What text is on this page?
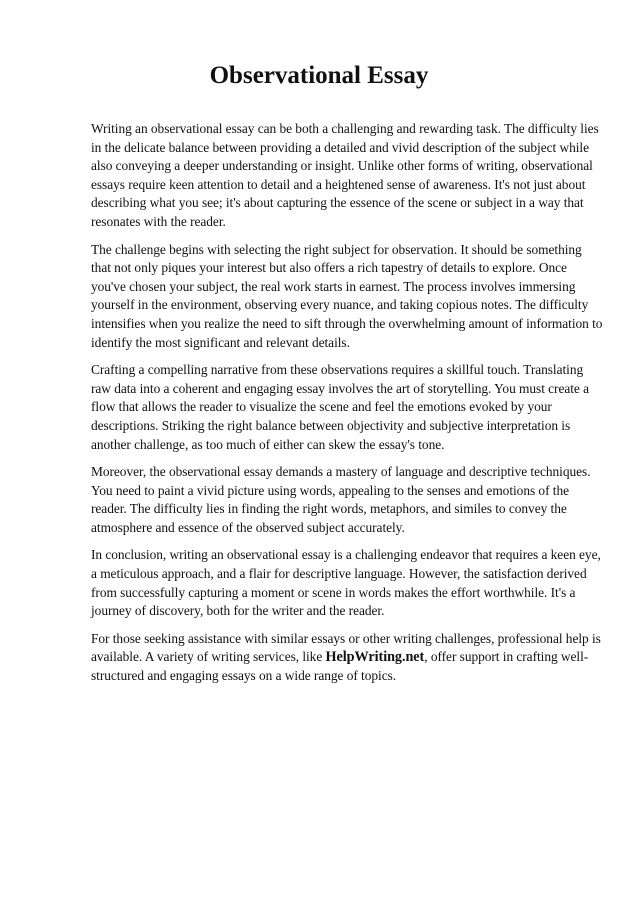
Observational Essay

Writing an observational essay can be both a challenging and rewarding task. The difficulty lies in the delicate balance between providing a detailed and vivid description of the subject while also conveying a deeper understanding or insight. Unlike other forms of writing, observational essays require keen attention to detail and a heightened sense of awareness. It's not just about describing what you see; it's about capturing the essence of the scene or subject in a way that resonates with the reader.

The challenge begins with selecting the right subject for observation. It should be something that not only piques your interest but also offers a rich tapestry of details to explore. Once you've chosen your subject, the real work starts in earnest. The process involves immersing yourself in the environment, observing every nuance, and taking copious notes. The difficulty intensifies when you realize the need to sift through the overwhelming amount of information to identify the most significant and relevant details.

Crafting a compelling narrative from these observations requires a skillful touch. Translating raw data into a coherent and engaging essay involves the art of storytelling. You must create a flow that allows the reader to visualize the scene and feel the emotions evoked by your descriptions. Striking the right balance between objectivity and subjective interpretation is another challenge, as too much of either can skew the essay's tone.

Moreover, the observational essay demands a mastery of language and descriptive techniques. You need to paint a vivid picture using words, appealing to the senses and emotions of the reader. The difficulty lies in finding the right words, metaphors, and similes to convey the atmosphere and essence of the observed subject accurately.

In conclusion, writing an observational essay is a challenging endeavor that requires a keen eye, a meticulous approach, and a flair for descriptive language. However, the satisfaction derived from successfully capturing a moment or scene in words makes the effort worthwhile. It's a journey of discovery, both for the writer and the reader.

For those seeking assistance with similar essays or other writing challenges, professional help is available. A variety of writing services, like HelpWriting.net, offer support in crafting well-structured and engaging essays on a wide range of topics.
